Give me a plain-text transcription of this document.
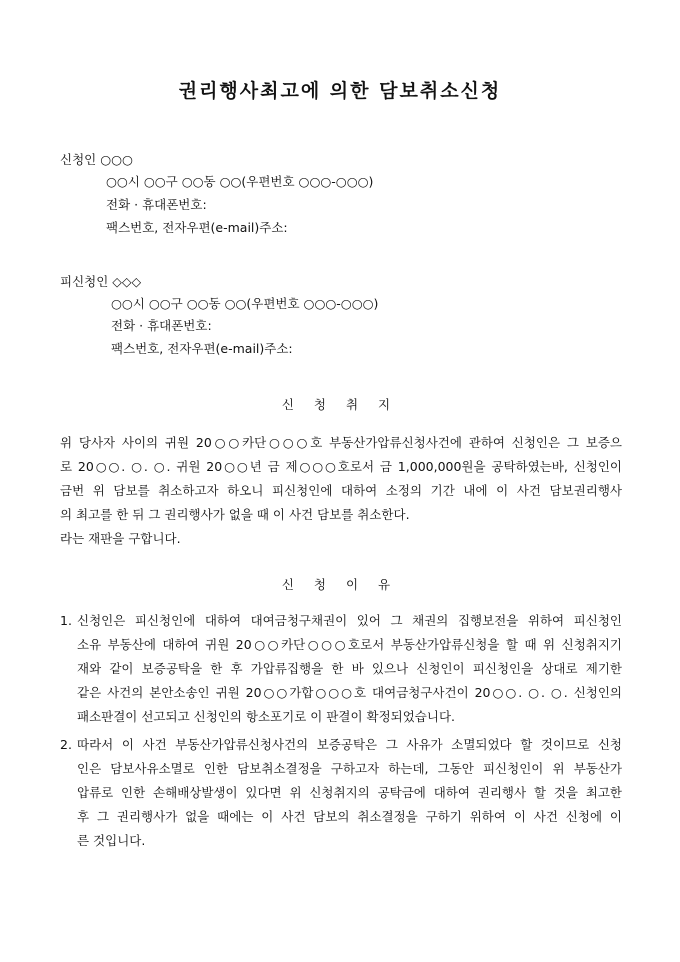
권리행사최고에 의한 담보취소신청
신청인 ○○○
○○시 ○○구 ○○동 ○○(우편번호 ○○○-○○○)
전화 · 휴대폰번호:
팩스번호, 전자우편(e-mail)주소:
피신청인 ◇◇◇
○○시 ○○구 ○○동 ○○(우편번호 ○○○-○○○)
전화 · 휴대폰번호:
팩스번호, 전자우편(e-mail)주소:
신 청 취 지
위 당사자 사이의 귀원 20○○카단○○○호 부동산가압류신청사건에 관하여 신청인은 그 보증으
로 20○○. ○. ○. 귀원 20○○년 금 제○○○호로서 금 1,000,000원을 공탁하였는바, 신청인이
금번 위 담보를 취소하고자 하오니 피신청인에 대하여 소정의 기간 내에 이 사건 담보권리행사
의 최고를 한 뒤 그 권리행사가 없을 때 이 사건 담보를 취소한다.
라는 재판을 구합니다.
신 청 이 유
1. 신청인은 피신청인에 대하여 대여금청구채권이 있어 그 채권의 집행보전을 위하여 피신청인
소유 부동산에 대하여 귀원 20○○카단○○○호로서 부동산가압류신청을 할 때 위 신청취지기
재와 같이 보증공탁을 한 후 가압류집행을 한 바 있으나 신청인이 피신청인을 상대로 제기한
같은 사건의 본안소송인 귀원 20○○가합○○○호 대여금청구사건이 20○○. ○. ○. 신청인의
패소판결이 선고되고 신청인의 항소포기로 이 판결이 확정되었습니다.
2. 따라서 이 사건 부동산가압류신청사건의 보증공탁은 그 사유가 소멸되었다 할 것이므로 신청
인은 담보사유소멸로 인한 담보취소결정을 구하고자 하는데, 그동안 피신청인이 위 부동산가
압류로 인한 손해배상발생이 있다면 위 신청취지의 공탁금에 대하여 권리행사 할 것을 최고한
후 그 권리행사가 없을 때에는 이 사건 담보의 취소결정을 구하기 위하여 이 사건 신청에 이
른 것입니다.
